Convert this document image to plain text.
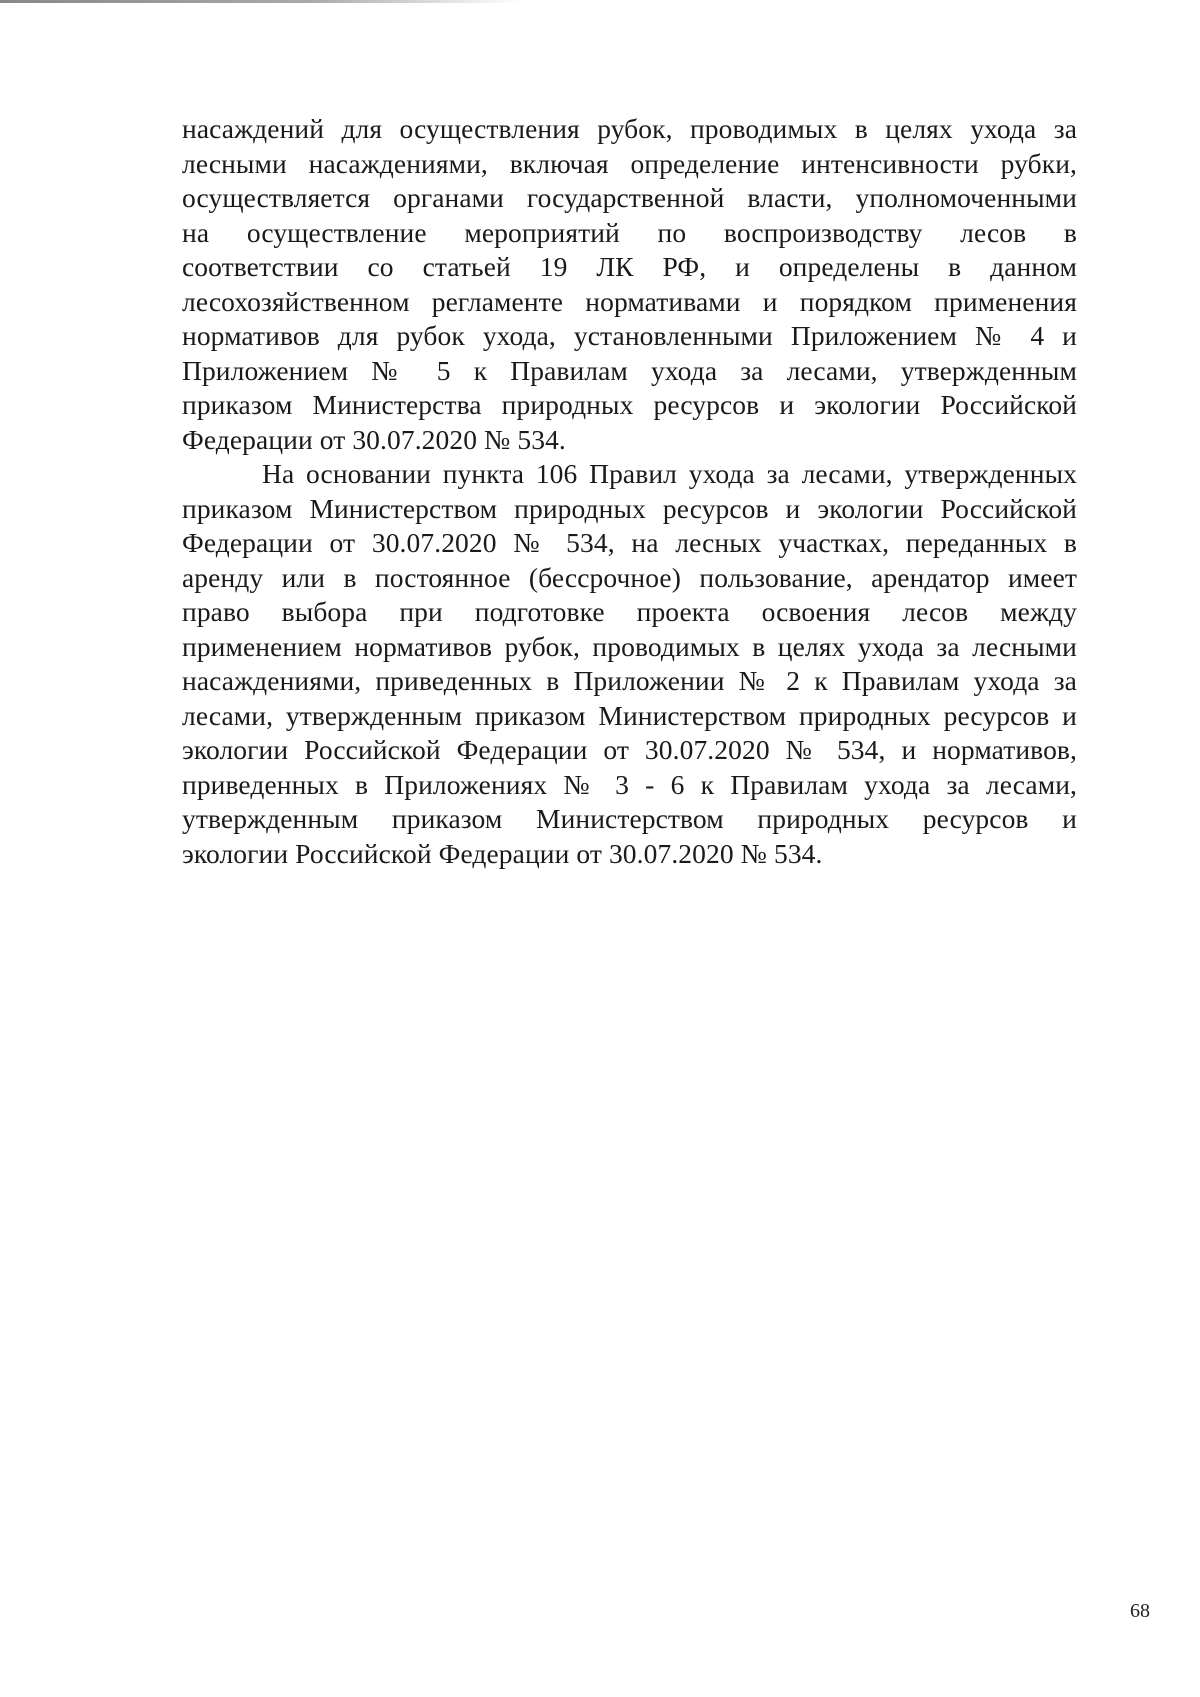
насаждений для осуществления рубок, проводимых в целях ухода за
лесными насаждениями, включая определение интенсивности рубки,
осуществляется органами государственной власти, уполномоченными
на осуществление мероприятий по воспроизводству лесов в
соответствии со статьей 19 ЛК РФ, и определены в данном
лесохозяйственном регламенте нормативами и порядком применения
нормативов для рубок ухода, установленными Приложением № 4 и
Приложением № 5 к Правилам ухода за лесами, утвержденным
приказом Министерства природных ресурсов и экологии Российской
Федерации от 30.07.2020 № 534.
На основании пункта 106 Правил ухода за лесами, утвержденных
приказом Министерством природных ресурсов и экологии Российской
Федерации от 30.07.2020 № 534, на лесных участках, переданных в
аренду или в постоянное (бессрочное) пользование, арендатор имеет
право выбора при подготовке проекта освоения лесов между
применением нормативов рубок, проводимых в целях ухода за лесными
насаждениями, приведенных в Приложении № 2 к Правилам ухода за
лесами, утвержденным приказом Министерством природных ресурсов и
экологии Российской Федерации от 30.07.2020 № 534, и нормативов,
приведенных в Приложениях № 3 - 6 к Правилам ухода за лесами,
утвержденным приказом Министерством природных ресурсов и
экологии Российской Федерации от 30.07.2020 № 534.
68
